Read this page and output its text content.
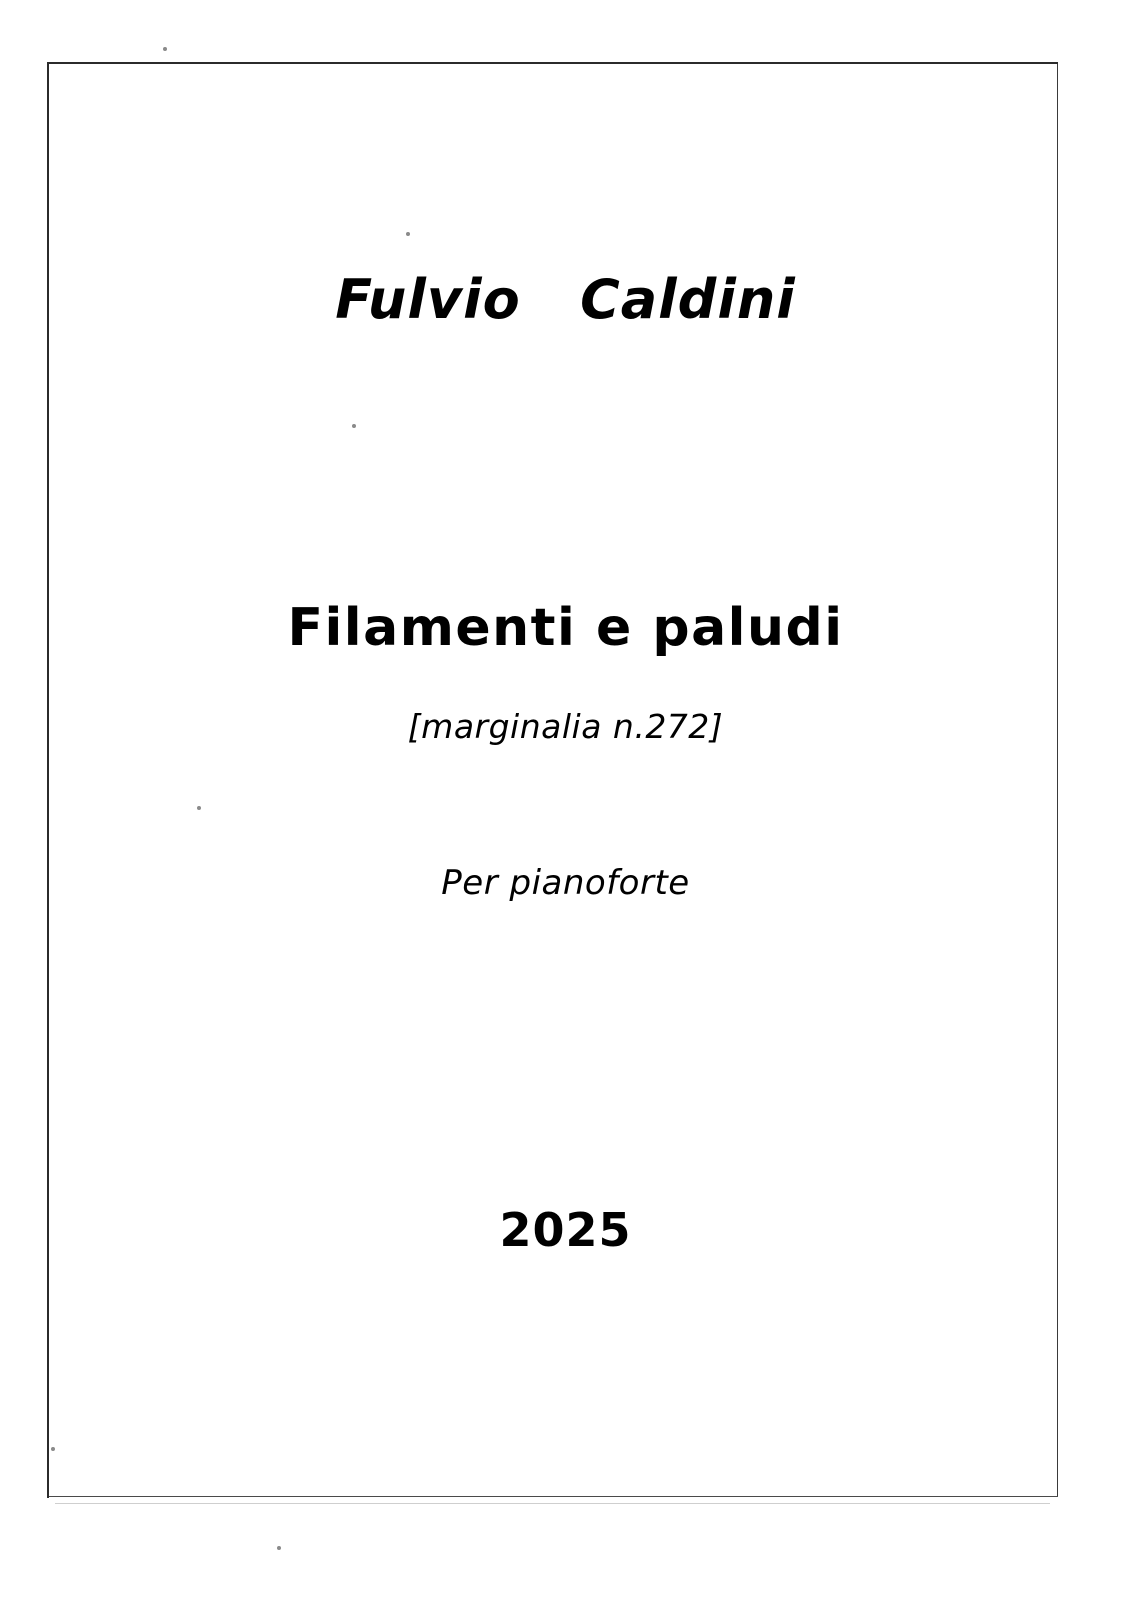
Fulvio   Caldini
Filamenti e paludi
[marginalia n.272]
Per pianoforte
2025
